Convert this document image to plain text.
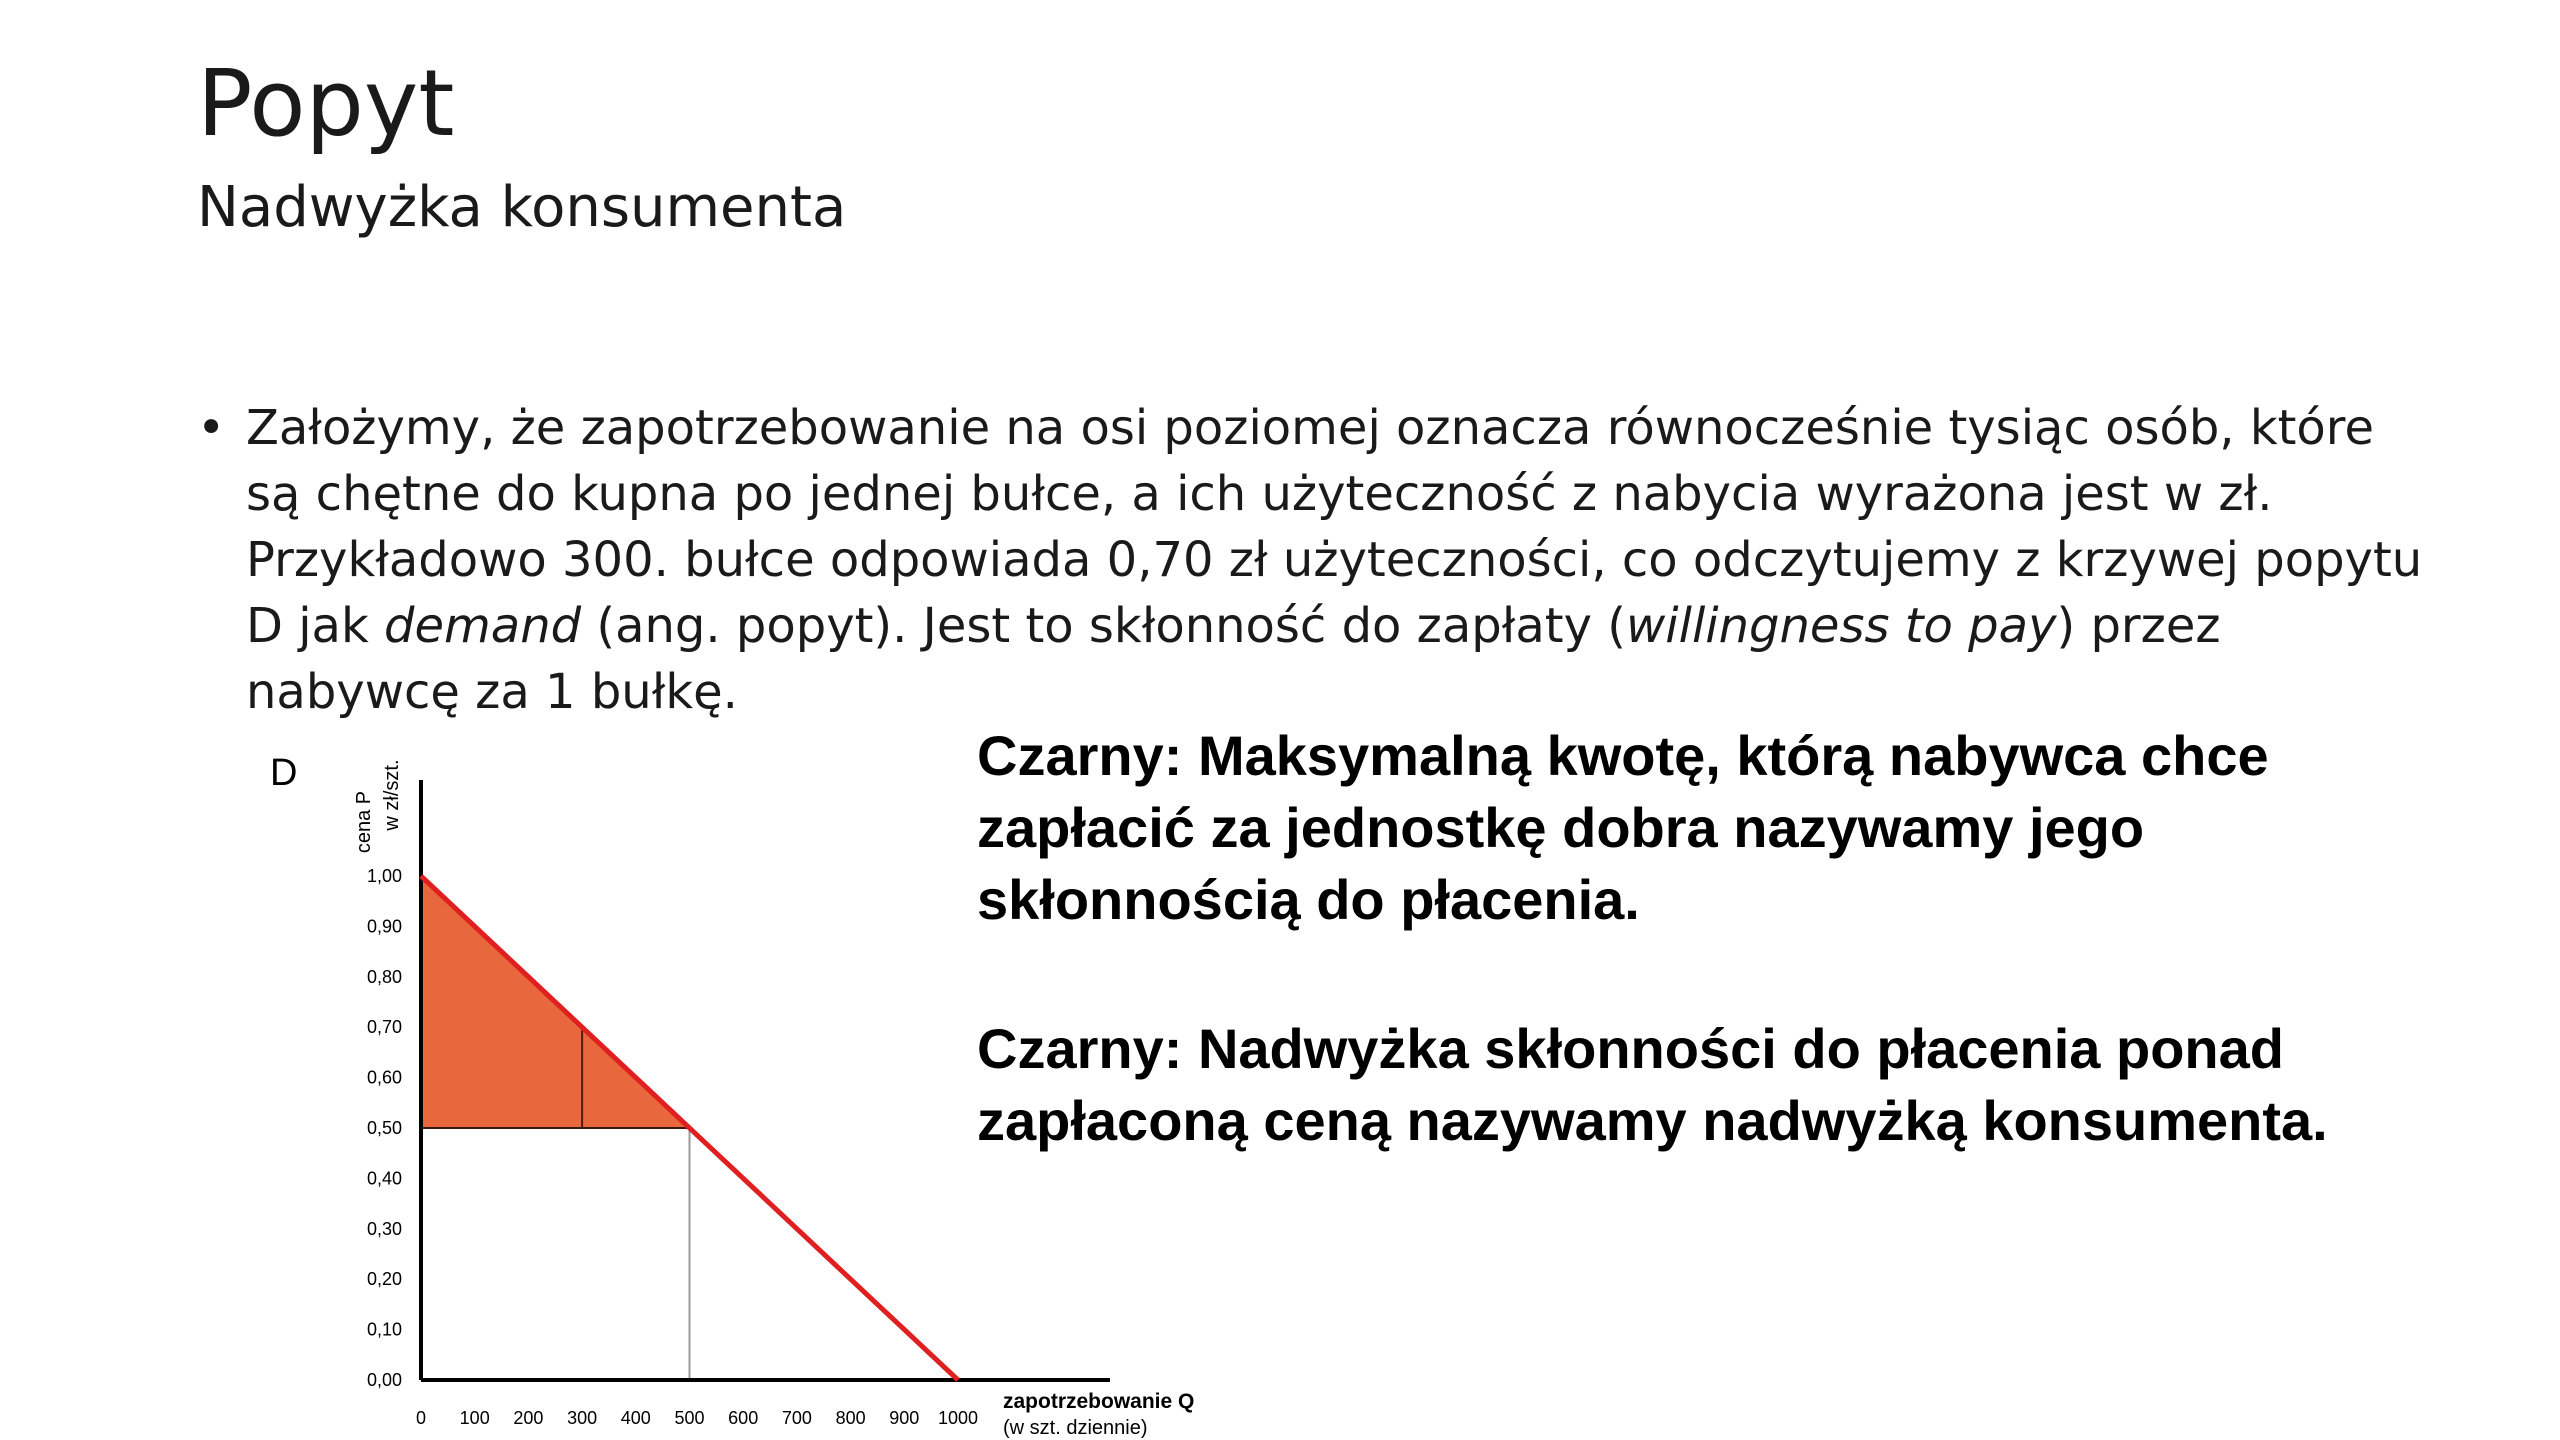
Popyt
Nadwyżka konsumenta
• Założymy, że zapotrzebowanie na osi poziomej oznacza równocześnie tysiąc osób, które są chętne do kupna po jednej bułce, a ich użyteczność z nabycia wyrażona jest w zł. Przykładowo 300. bułce odpowiada 0,70 zł użyteczności, co odczytujemy z krzywej popytu D jak demand (ang. popyt). Jest to skłonność do zapłaty (willingness to pay) przez nabywcę za 1 bułkę.
Czarny: Maksymalną kwotę, którą nabywca chce zapłacić za jednostkę dobra nazywamy jego skłonnością do płacenia.
Czarny: Nadwyżka skłonności do płacenia ponad zapłaconą ceną nazywamy nadwyżką konsumenta.
0,00
0,10
0,20
0,30
0,40
0,50
0,60
0,70
0,80
0,90
1,00
0 100 200 300 400 500 600 700 800 900 1000
D
cena P w zł/szt.
zapotrzebowanie Q
(w szt. dziennie)
